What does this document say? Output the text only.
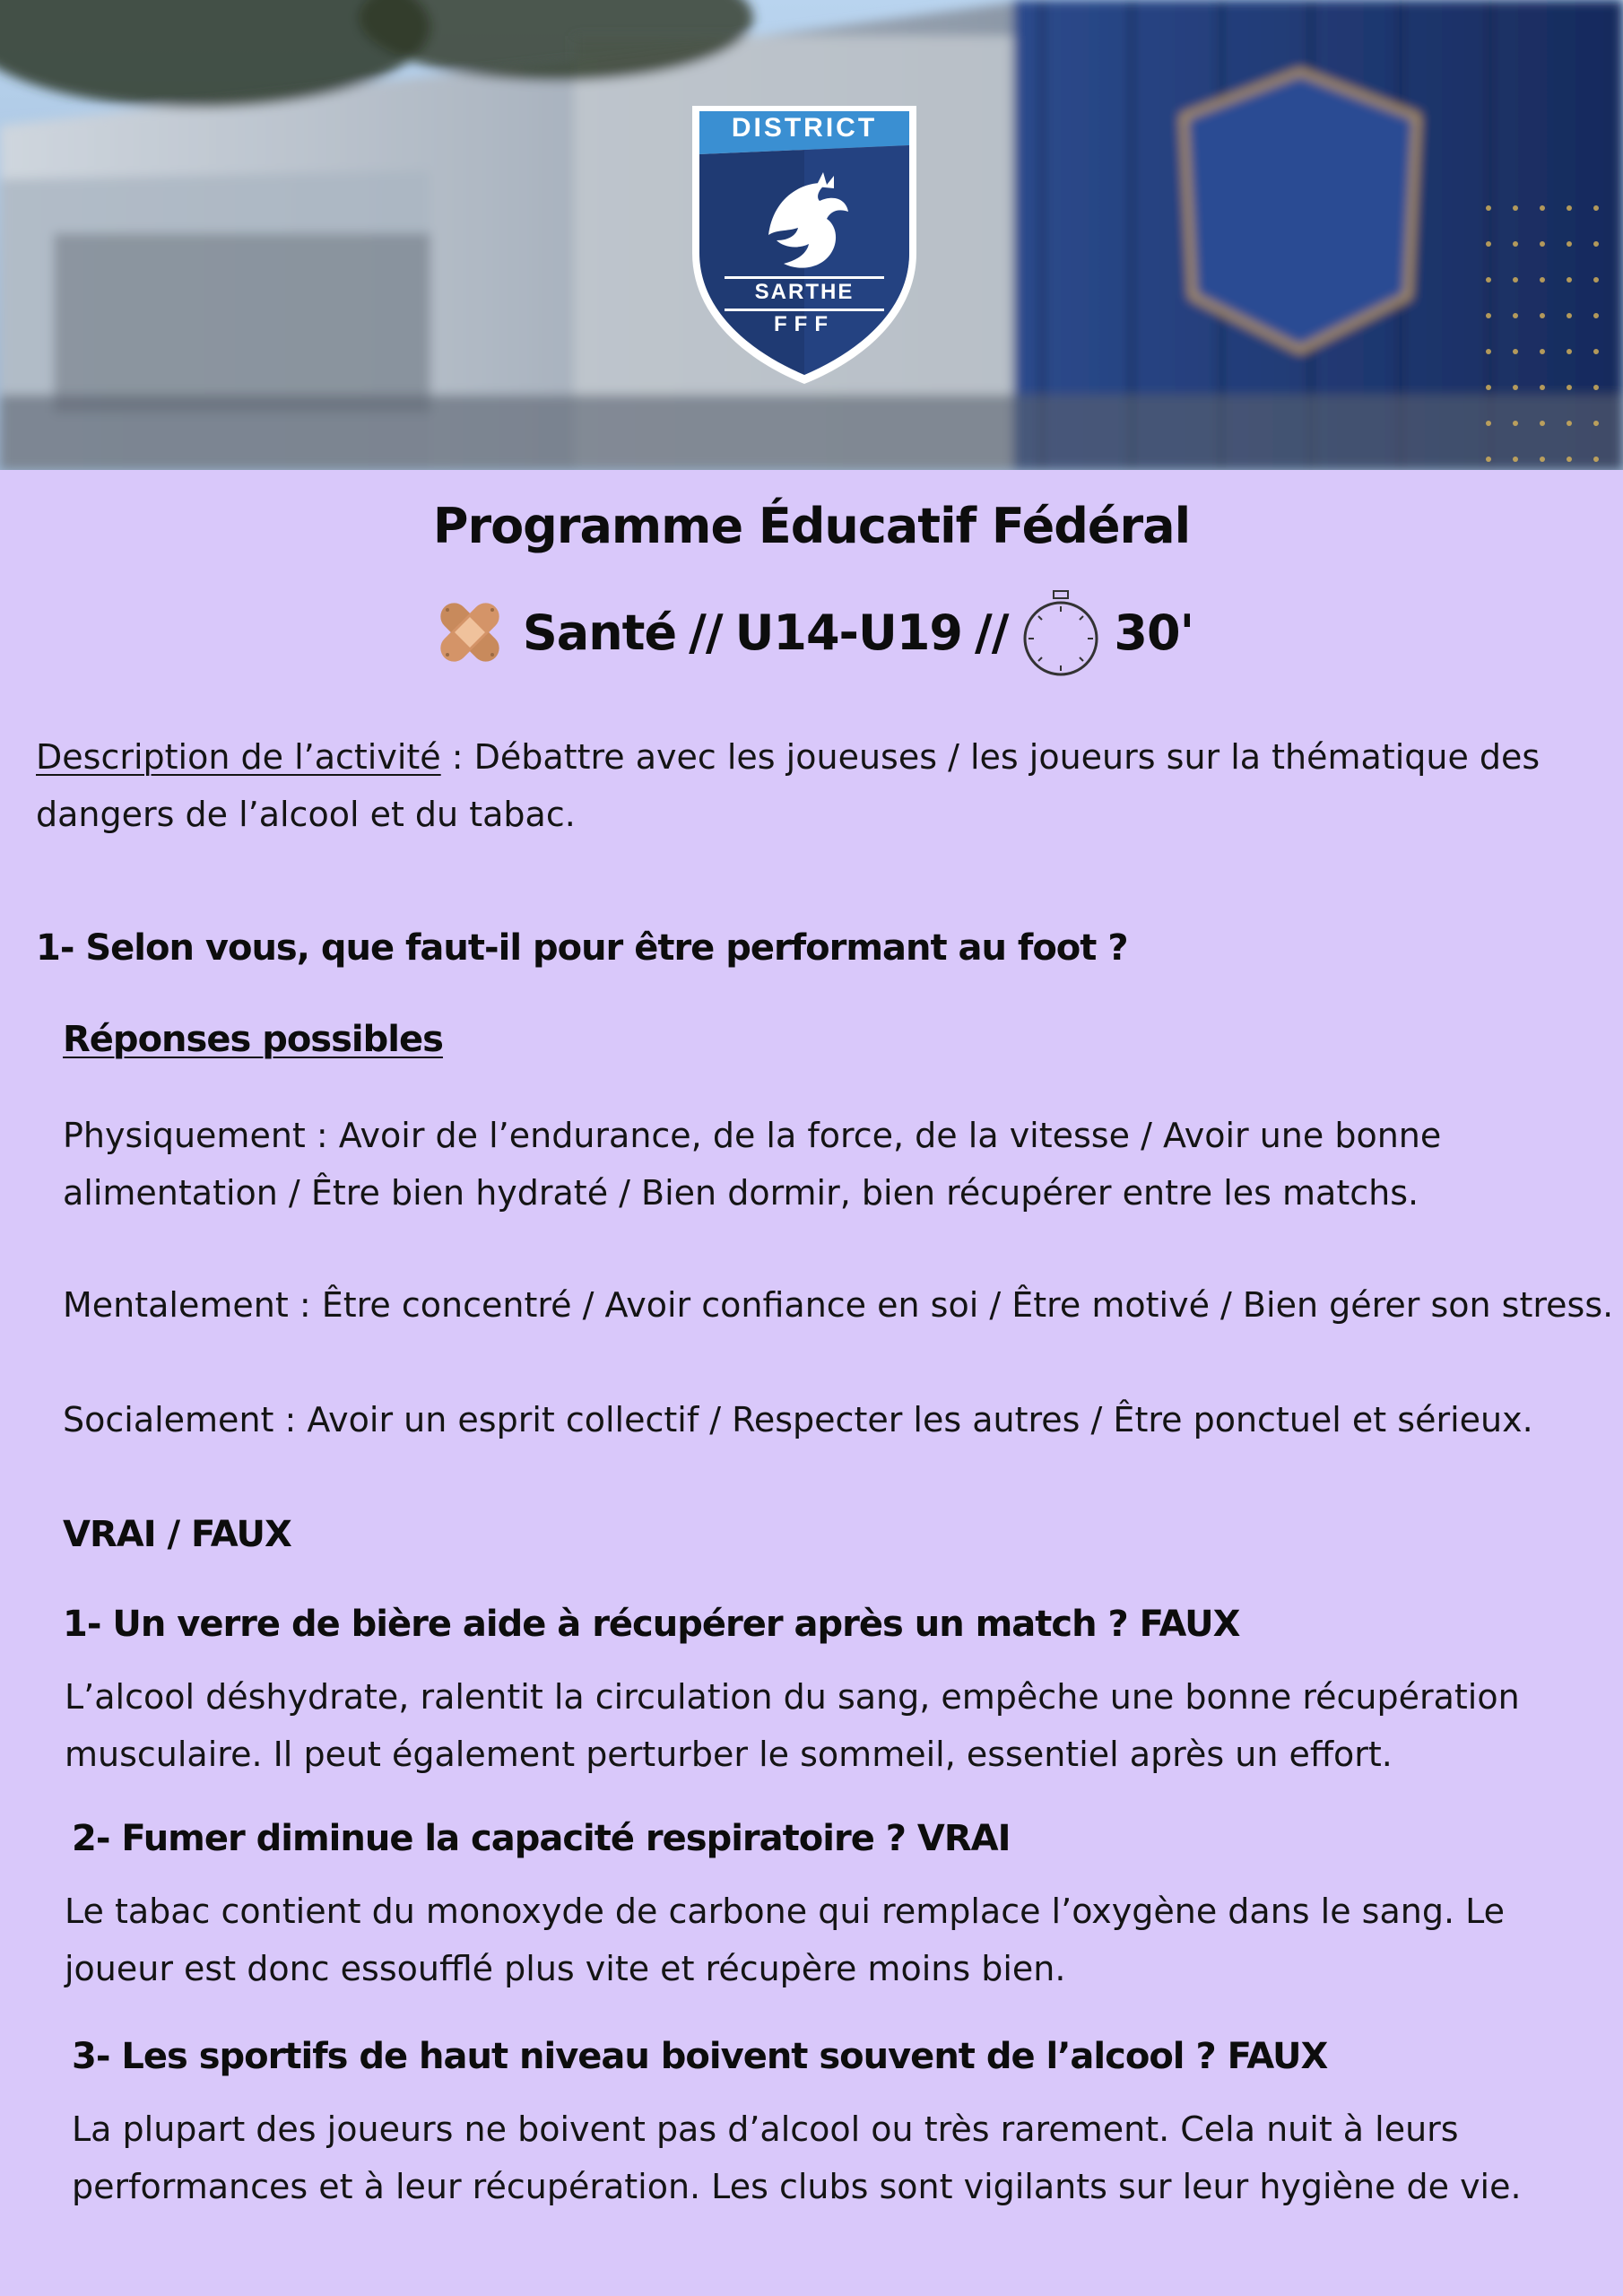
DISTRICT
SARTHE
FFF
Programme Éducatif Fédéral
Santé // U14-U19 // 30'
Description de l’activité : Débattre avec les joueuses / les joueurs sur la thématique des dangers de l’alcool et du tabac.
1- Selon vous, que faut-il pour être performant au foot ?
Réponses possibles
Physiquement : Avoir de l’endurance, de la force, de la vitesse / Avoir une bonne alimentation / Être bien hydraté / Bien dormir, bien récupérer entre les matchs.
Mentalement : Être concentré / Avoir confiance en soi / Être motivé / Bien gérer son stress.
Socialement : Avoir un esprit collectif / Respecter les autres / Être ponctuel et sérieux.
VRAI / FAUX
1- Un verre de bière aide à récupérer après un match ? FAUX
L’alcool déshydrate, ralentit la circulation du sang, empêche une bonne récupération musculaire. Il peut également perturber le sommeil, essentiel après un effort.
2- Fumer diminue la capacité respiratoire ? VRAI
Le tabac contient du monoxyde de carbone qui remplace l’oxygène dans le sang. Le joueur est donc essoufflé plus vite et récupère moins bien.
3- Les sportifs de haut niveau boivent souvent de l’alcool ? FAUX
La plupart des joueurs ne boivent pas d’alcool ou très rarement. Cela nuit à leurs performances et à leur récupération. Les clubs sont vigilants sur leur hygiène de vie.
